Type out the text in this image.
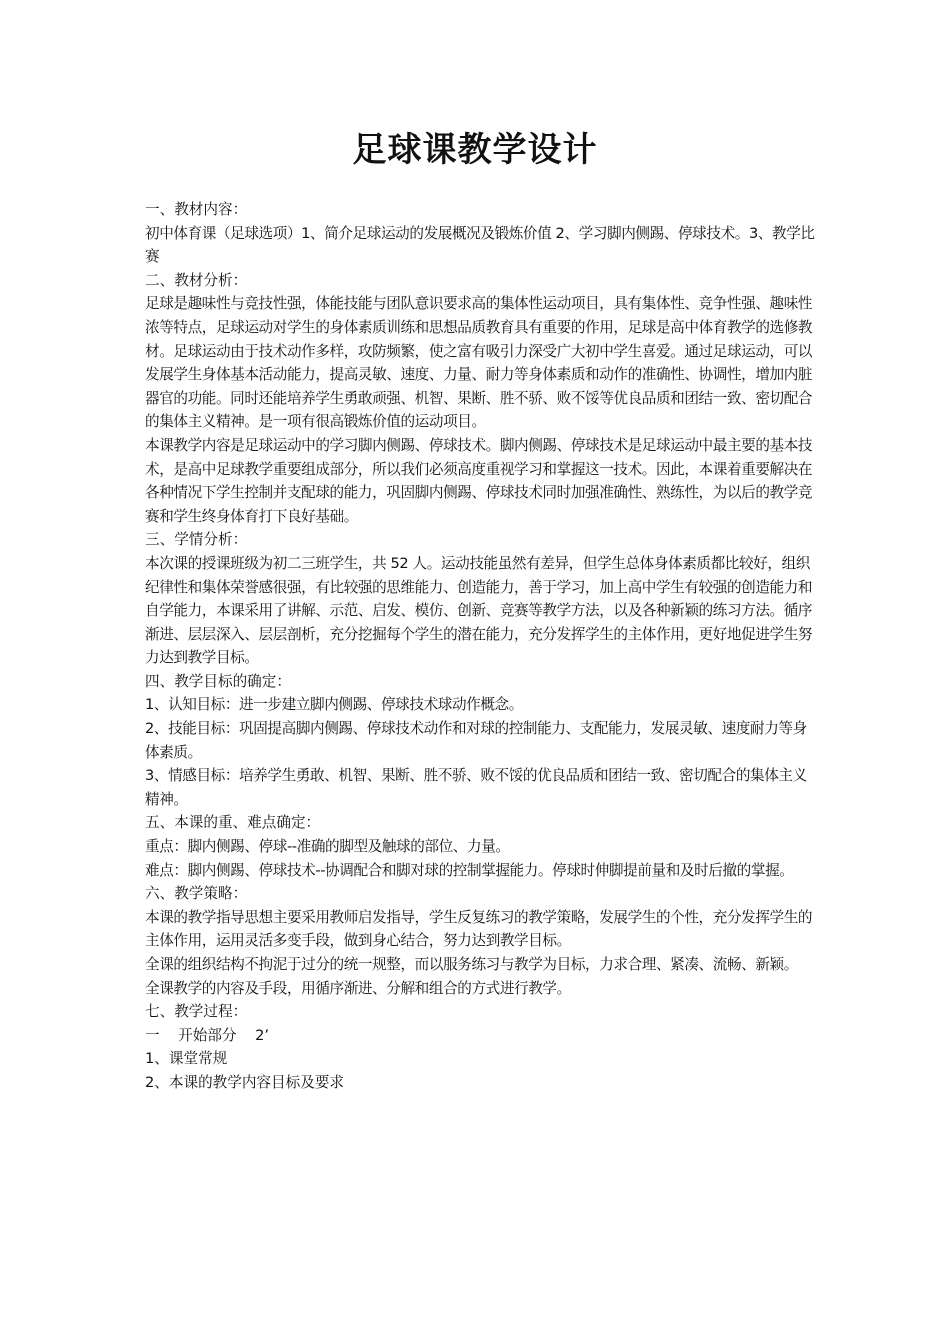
足球课教学设计

一、教材内容：

初中体育课（足球选项）1、简介足球运动的发展概况及锻炼价值 2、学习脚内侧踢、停球技术。3、教学比赛

二、教材分析：

足球是趣味性与竞技性强，体能技能与团队意识要求高的集体性运动项目，具有集体性、竞争性强、趣味性浓等特点，足球运动对学生的身体素质训练和思想品质教育具有重要的作用，足球是高中体育教学的选修教材。足球运动由于技术动作多样，攻防频繁，使之富有吸引力深受广大初中学生喜爱。通过足球运动，可以发展学生身体基本活动能力，提高灵敏、速度、力量、耐力等身体素质和动作的准确性、协调性，增加内脏器官的功能。同时还能培养学生勇敢顽强、机智、果断、胜不骄、败不馁等优良品质和团结一致、密切配合的集体主义精神。是一项有很高锻炼价值的运动项目。

本课教学内容是足球运动中的学习脚内侧踢、停球技术。脚内侧踢、停球技术是足球运动中最主要的基本技术，是高中足球教学重要组成部分，所以我们必须高度重视学习和掌握这一技术。因此，本课着重要解决在各种情况下学生控制并支配球的能力，巩固脚内侧踢、停球技术同时加强准确性、熟练性，为以后的教学竞赛和学生终身体育打下良好基础。

三、学情分析：

本次课的授课班级为初二三班学生，共 52 人。运动技能虽然有差异，但学生总体身体素质都比较好，组织纪律性和集体荣誉感很强，有比较强的思维能力、创造能力，善于学习，加上高中学生有较强的创造能力和自学能力，本课采用了讲解、示范、启发、模仿、创新、竞赛等教学方法，以及各种新颖的练习方法。循序渐进、层层深入、层层剖析，充分挖掘每个学生的潜在能力，充分发挥学生的主体作用，更好地促进学生努力达到教学目标。

四、教学目标的确定：

1、认知目标：进一步建立脚内侧踢、停球技术球动作概念。

2、技能目标：巩固提高脚内侧踢、停球技术动作和对球的控制能力、支配能力，发展灵敏、速度耐力等身体素质。

3、情感目标：培养学生勇敢、机智、果断、胜不骄、败不馁的优良品质和团结一致、密切配合的集体主义精神。

五、本课的重、难点确定：

重点：脚内侧踢、停球--准确的脚型及触球的部位、力量。

难点：脚内侧踢、停球技术--协调配合和脚对球的控制掌握能力。停球时伸脚提前量和及时后撤的掌握。

六、教学策略：

本课的教学指导思想主要采用教师启发指导，学生反复练习的教学策略，发展学生的个性，充分发挥学生的主体作用，运用灵活多变手段，做到身心结合，努力达到教学目标。

全课的组织结构不拘泥于过分的统一规整，而以服务练习与教学为目标，力求合理、紧凑、流畅、新颖。

全课教学的内容及手段，用循序渐进、分解和组合的方式进行教学。

七、教学过程：

一    开始部分    2’

1、课堂常规

2、本课的教学内容目标及要求
